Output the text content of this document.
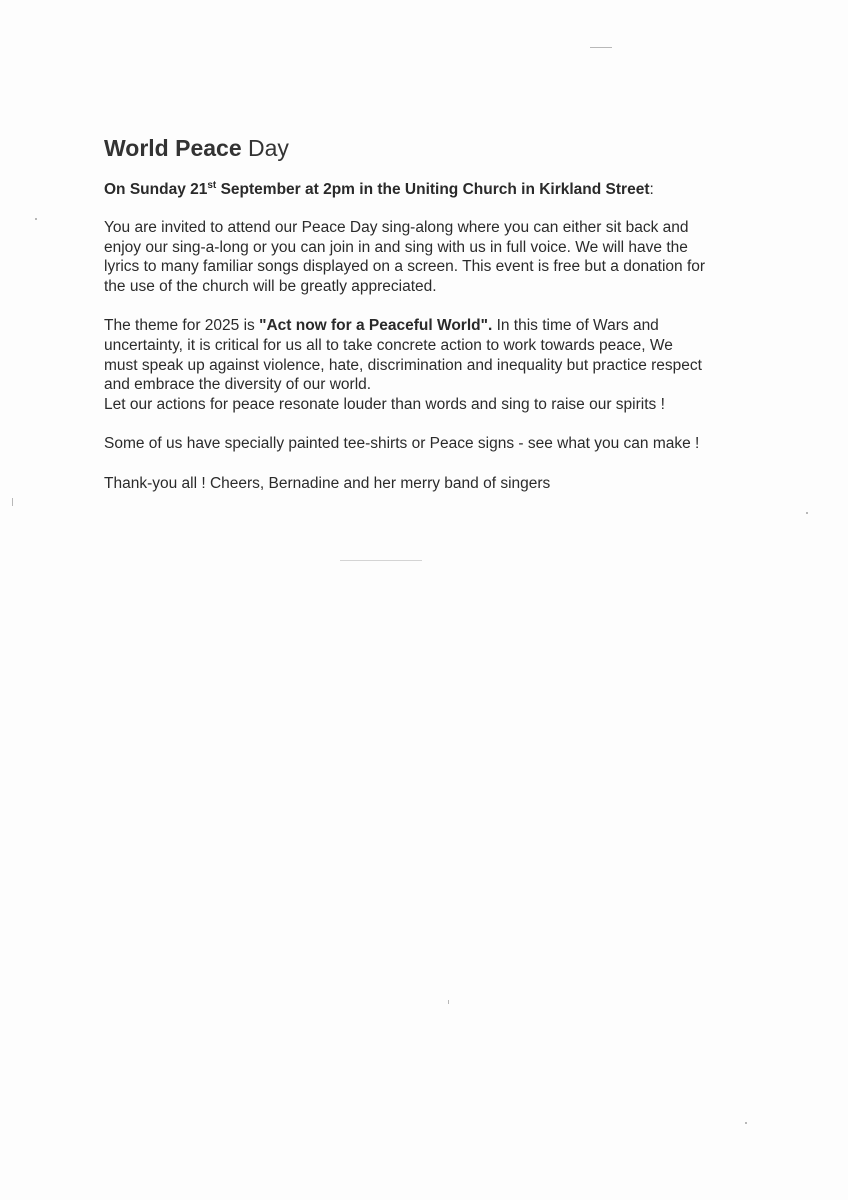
World Peace Day

On Sunday 21st September at 2pm in the Uniting Church in Kirkland Street:

You are invited to attend our Peace Day sing-along where you can either sit back and
enjoy our sing-a-long or you can join in and sing with us in full voice. We will have the
lyrics to many familiar songs displayed on a screen. This event is free but a donation for
the use of the church will be greatly appreciated.

The theme for 2025 is "Act now for a Peaceful World". In this time of Wars and
uncertainty, it is critical for us all to take concrete action to work towards peace, We
must speak up against violence, hate, discrimination and inequality but practice respect
and embrace the diversity of our world.
Let our actions for peace resonate louder than words and sing to raise our spirits !

Some of us have specially painted tee-shirts or Peace signs - see what you can make !

Thank-you all ! Cheers, Bernadine and her merry band of singers
